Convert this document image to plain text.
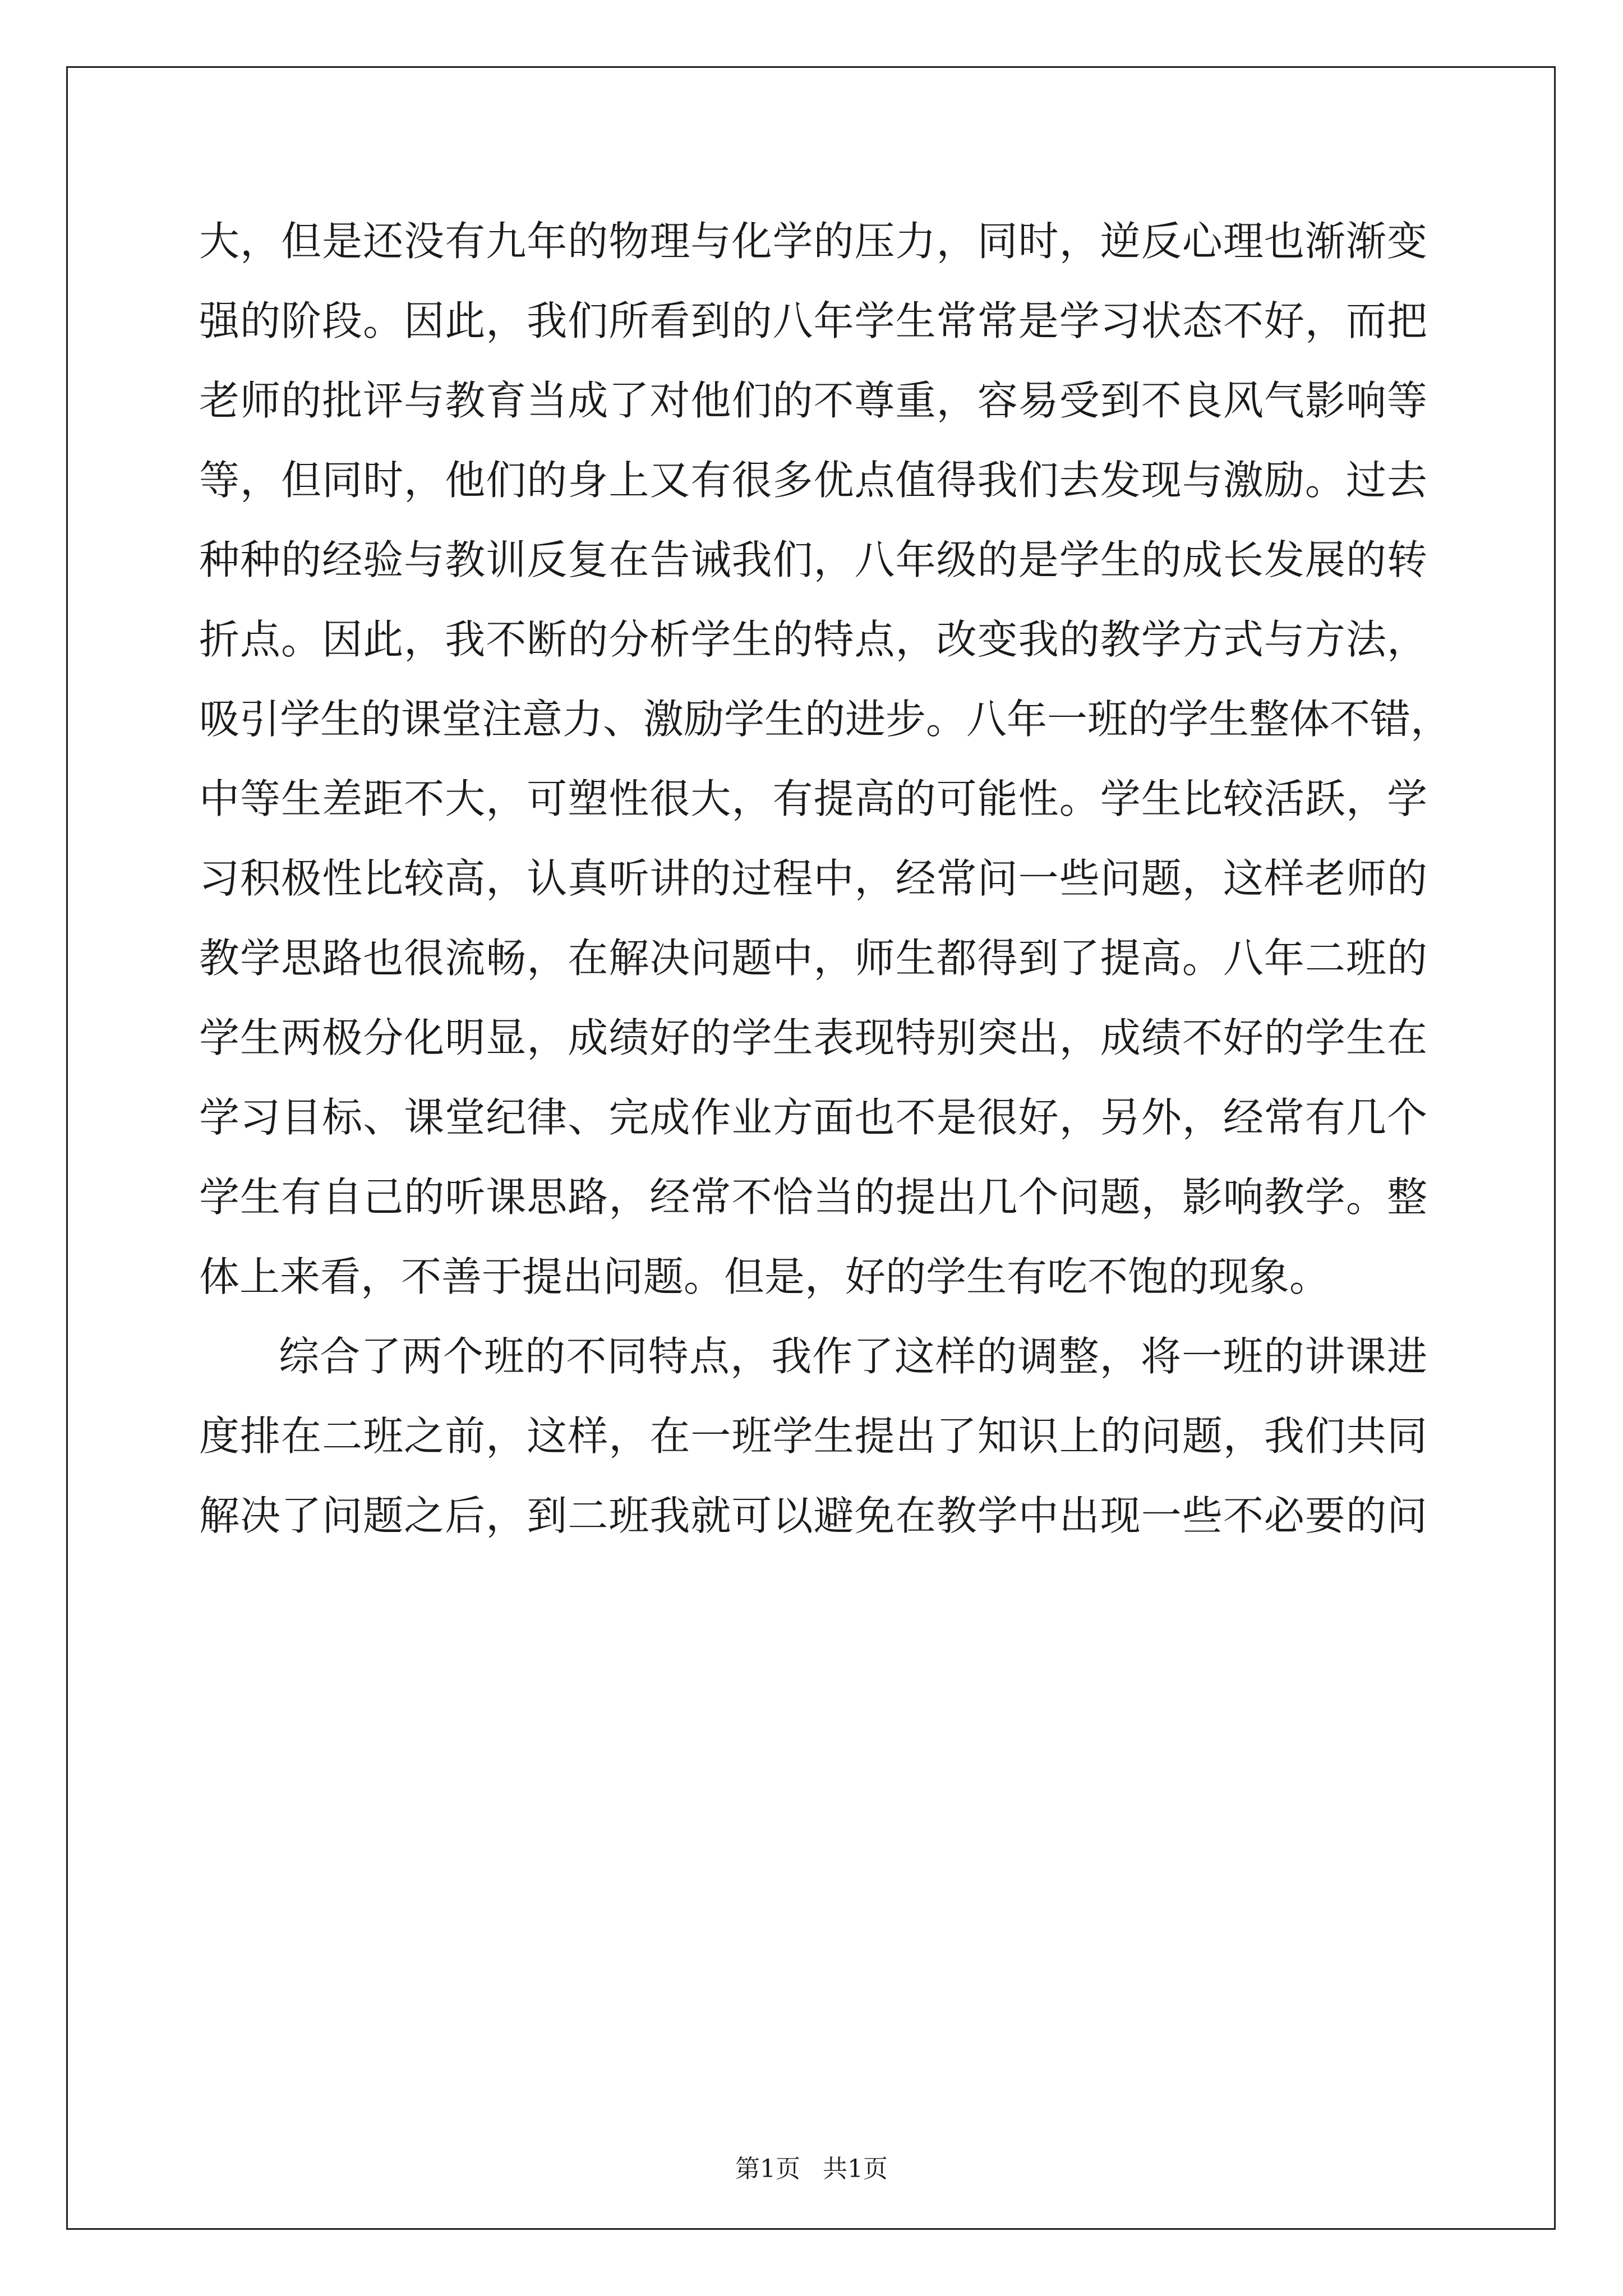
大，但是还没有九年的物理与化学的压力，同时，逆反心理也渐渐变
强的阶段。因此，我们所看到的八年学生常常是学习状态不好，而把
老师的批评与教育当成了对他们的不尊重，容易受到不良风气影响等
等，但同时，他们的身上又有很多优点值得我们去发现与激励。过去
种种的经验与教训反复在告诫我们，八年级的是学生的成长发展的转
折点。因此，我不断的分析学生的特点，改变我的教学方式与方法，
吸引学生的课堂注意力、激励学生的进步。八年一班的学生整体不错，
中等生差距不大，可塑性很大，有提高的可能性。学生比较活跃，学
习积极性比较高，认真听讲的过程中，经常问一些问题，这样老师的
教学思路也很流畅，在解决问题中，师生都得到了提高。八年二班的
学生两极分化明显，成绩好的学生表现特别突出，成绩不好的学生在
学习目标、课堂纪律、完成作业方面也不是很好，另外，经常有几个
学生有自己的听课思路，经常不恰当的提出几个问题，影响教学。整
体上来看，不善于提出问题。但是，好的学生有吃不饱的现象。
综合了两个班的不同特点，我作了这样的调整，将一班的讲课进
度排在二班之前，这样，在一班学生提出了知识上的问题，我们共同
解决了问题之后，到二班我就可以避免在教学中出现一些不必要的问
第1页 共1页
